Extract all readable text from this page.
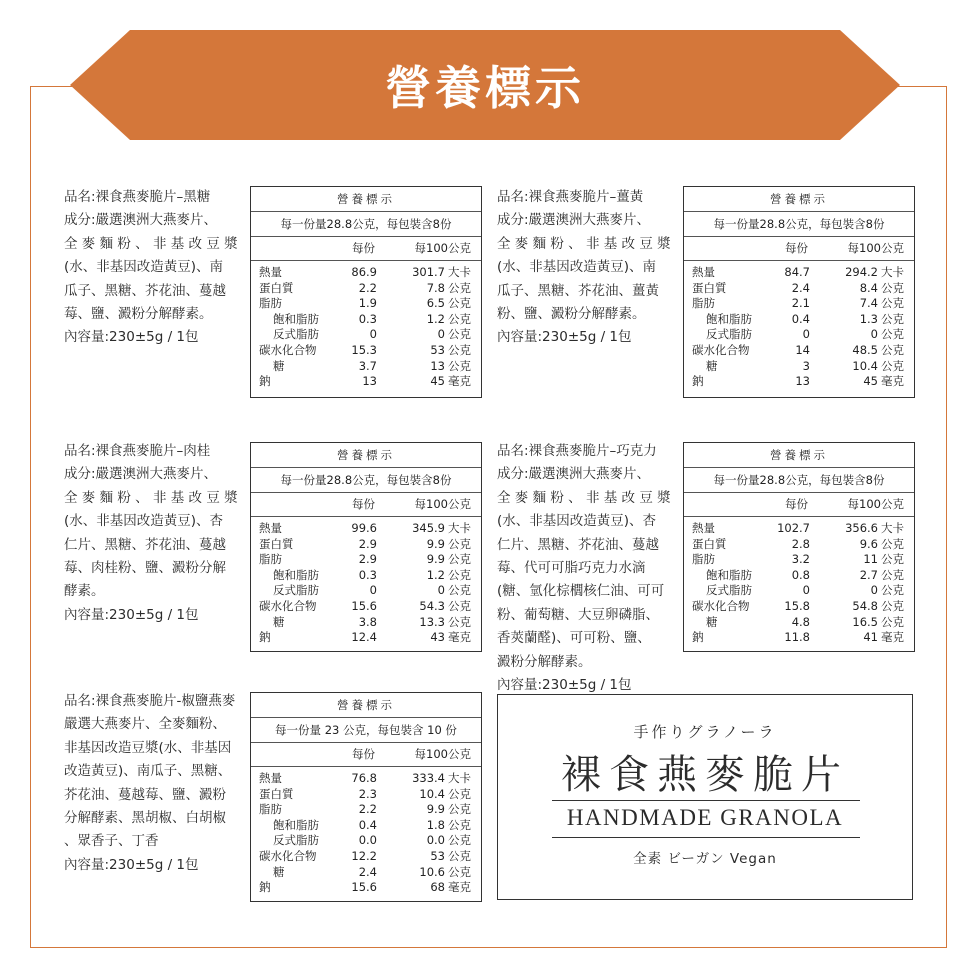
營養標示
品名:裸食燕麥脆片–黑糖
成分:嚴選澳洲大燕麥片、
全 麥 麵 粉 、 非 基 改 豆 漿
(水、非基因改造黃豆)、南
瓜子、黑糖、芥花油、蔓越
莓、鹽、澱粉分解酵素。
內容量:230±5g / 1包
營養標示
每一份量28.8公克，每包裝含8份
每份	每100公克
熱量	86.9	301.7 大卡
蛋白質	2.2	7.8 公克
脂肪	1.9	6.5 公克
飽和脂肪	0.3	1.2 公克
反式脂肪	0	0 公克
碳水化合物	15.3	53 公克
糖	3.7	13 公克
鈉	13	45 毫克
品名:裸食燕麥脆片–薑黃
成分:嚴選澳洲大燕麥片、
全 麥 麵 粉 、 非 基 改 豆 漿
(水、非基因改造黃豆)、南
瓜子、黑糖、芥花油、薑黃
粉、鹽、澱粉分解酵素。
內容量:230±5g / 1包
營養標示
每一份量28.8公克，每包裝含8份
每份	每100公克
熱量	84.7	294.2 大卡
蛋白質	2.4	8.4 公克
脂肪	2.1	7.4 公克
飽和脂肪	0.4	1.3 公克
反式脂肪	0	0 公克
碳水化合物	14	48.5 公克
糖	3	10.4 公克
鈉	13	45 毫克
品名:裸食燕麥脆片–肉桂
成分:嚴選澳洲大燕麥片、
全 麥 麵 粉 、 非 基 改 豆 漿
(水、非基因改造黃豆)、杏
仁片、黑糖、芥花油、蔓越
莓、肉桂粉、鹽、澱粉分解
酵素。
內容量:230±5g / 1包
營養標示
每一份量28.8公克，每包裝含8份
每份	每100公克
熱量	99.6	345.9 大卡
蛋白質	2.9	9.9 公克
脂肪	2.9	9.9 公克
飽和脂肪	0.3	1.2 公克
反式脂肪	0	0 公克
碳水化合物	15.6	54.3 公克
糖	3.8	13.3 公克
鈉	12.4	43 毫克
品名:裸食燕麥脆片–巧克力
成分:嚴選澳洲大燕麥片、
全 麥 麵 粉 、 非 基 改 豆 漿
(水、非基因改造黃豆)、杏
仁片、黑糖、芥花油、蔓越
莓、代可可脂巧克力水滴
(糖、氫化棕櫚核仁油、可可
粉、葡萄糖、大豆卵磷脂、
香莢蘭醛)、可可粉、鹽、
澱粉分解酵素。
內容量:230±5g / 1包
營養標示
每一份量28.8公克，每包裝含8份
每份	每100公克
熱量	102.7	356.6 大卡
蛋白質	2.8	9.6 公克
脂肪	3.2	11 公克
飽和脂肪	0.8	2.7 公克
反式脂肪	0	0 公克
碳水化合物	15.8	54.8 公克
糖	4.8	16.5 公克
鈉	11.8	41 毫克
品名:裸食燕麥脆片-椒鹽燕麥
嚴選大燕麥片、全麥麵粉、
非基因改造豆漿(水、非基因
改造黃豆)、南瓜子、黑糖、
芥花油、蔓越莓、鹽、澱粉
分解酵素、黑胡椒、白胡椒
、眾香子、丁香
內容量:230±5g / 1包
營養標示
每一份量 23 公克，每包裝含 10 份
每份	每100公克
熱量	76.8	333.4 大卡
蛋白質	2.3	10.4 公克
脂肪	2.2	9.9 公克
飽和脂肪	0.4	1.8 公克
反式脂肪	0.0	0.0 公克
碳水化合物	12.2	53 公克
糖	2.4	10.6 公克
鈉	15.6	68 毫克
手作りグラノーラ
裸食燕麥脆片
HANDMADE GRANOLA
全素 ビーガン Vegan
